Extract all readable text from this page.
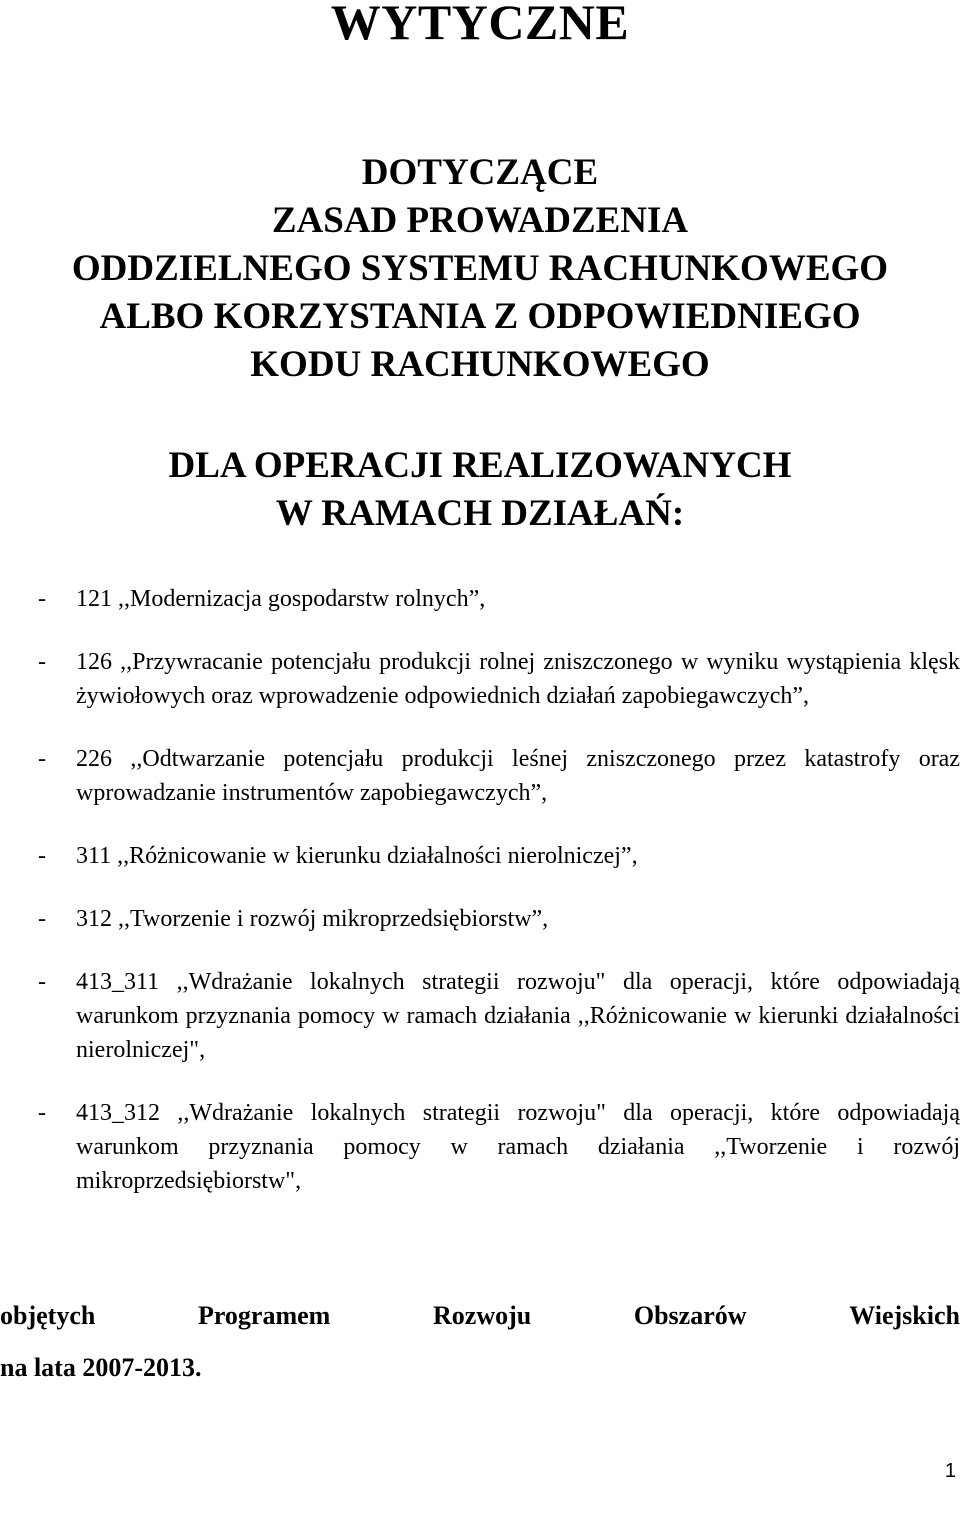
WYTYCZNE
DOTYCZĄCE
ZASAD PROWADZENIA
ODDZIELNEGO SYSTEMU RACHUNKOWEGO
ALBO KORZYSTANIA Z ODPOWIEDNIEGO
KODU RACHUNKOWEGO
DLA OPERACJI REALIZOWANYCH
W RAMACH DZIAŁAŃ:
- 121 ,,Modernizacja gospodarstw rolnych”,
- 126 ,,Przywracanie potencjału produkcji rolnej zniszczonego w wyniku wystąpienia klęsk żywiołowych oraz wprowadzenie odpowiednich działań zapobiegawczych”,
- 226 ,,Odtwarzanie potencjału produkcji leśnej zniszczonego przez katastrofy oraz wprowadzanie instrumentów zapobiegawczych”,
- 311 ,,Różnicowanie w kierunku działalności nierolniczej”,
- 312 ,,Tworzenie i rozwój mikroprzedsiębiorstw”,
- 413_311 ,,Wdrażanie lokalnych strategii rozwoju" dla operacji, które odpowiadają warunkom przyznania pomocy w ramach działania ,,Różnicowanie w kierunki działalności nierolniczej",
- 413_312 ,,Wdrażanie lokalnych strategii rozwoju" dla operacji, które odpowiadają warunkom przyznania pomocy w ramach działania ,,Tworzenie i rozwój mikroprzedsiębiorstw",
objętych	Programem	Rozwoju	Obszarów	Wiejskich
na lata 2007-2013.
1
